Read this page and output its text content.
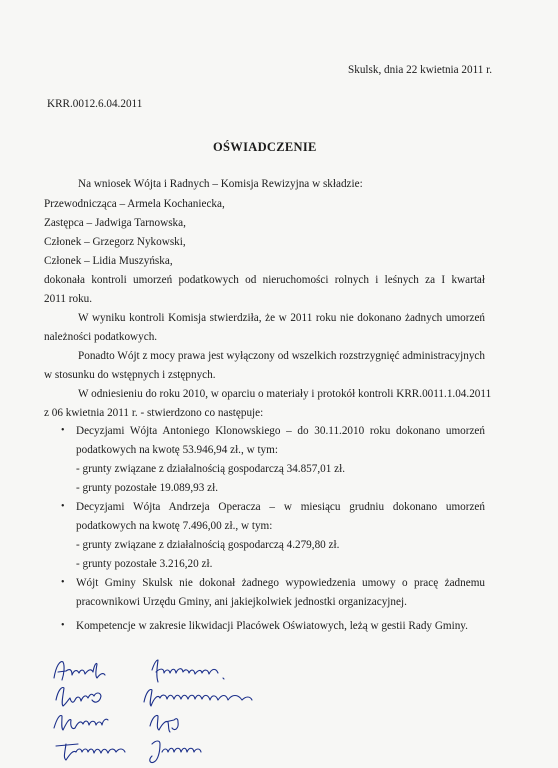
Skulsk, dnia 22 kwietnia 2011 r.
KRR.0012.6.04.2011
OŚWIADCZENIE
Na wniosek Wójta i Radnych – Komisja Rewizyjna w składzie:
Przewodnicząca – Armela Kochaniecka,
Zastępca – Jadwiga Tarnowska,
Członek – Grzegorz Nykowski,
Członek – Lidia Muszyńska,
dokonała kontroli umorzeń podatkowych od nieruchomości rolnych i leśnych za I kwartał
2011 roku.
W wyniku kontroli Komisja stwierdziła, że w 2011 roku nie dokonano żadnych umorzeń
należności podatkowych.
Ponadto Wójt z mocy prawa jest wyłączony od wszelkich rozstrzygnięć administracyjnych
w stosunku do wstępnych i zstępnych.
W odniesieniu do roku 2010, w oparciu o materiały i protokół kontroli KRR.0011.1.04.2011
z 06 kwietnia 2011 r. - stwierdzono co następuje:
• Decyzjami Wójta Antoniego Klonowskiego – do 30.11.2010 roku dokonano umorzeń
podatkowych na kwotę 53.946,94 zł., w tym:
- grunty związane z działalnością gospodarczą 34.857,01 zł.
- grunty pozostałe 19.089,93 zł.
• Decyzjami Wójta Andrzeja Operacza – w miesiącu grudniu dokonano umorzeń
podatkowych na kwotę 7.496,00 zł., w tym:
- grunty związane z działalnością gospodarczą 4.279,80 zł.
- grunty pozostałe 3.216,20 zł.
• Wójt Gminy Skulsk nie dokonał żadnego wypowiedzenia umowy o pracę żadnemu
pracownikowi Urzędu Gminy, ani jakiejkolwiek jednostki organizacyjnej.
• Kompetencje w zakresie likwidacji Placówek Oświatowych, leżą w gestii Rady Gminy.
